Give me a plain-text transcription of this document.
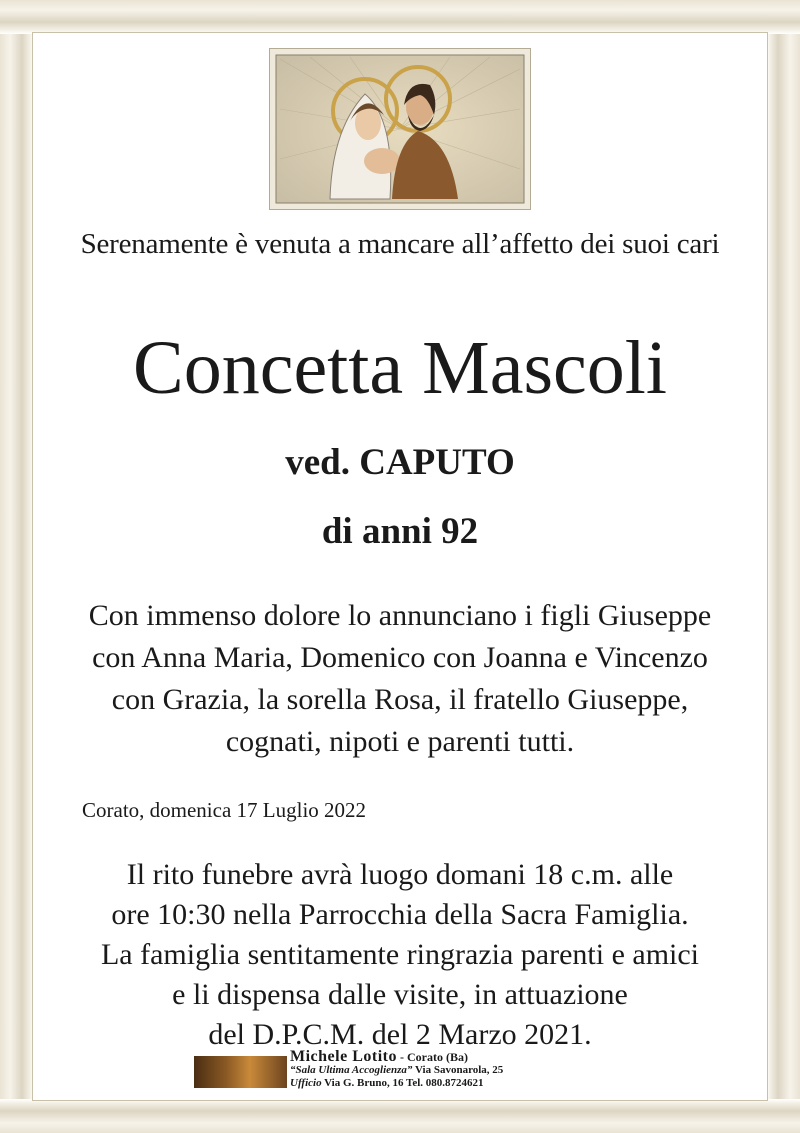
Serenamente è venuta a mancare all’affetto dei suoi cari
Concetta Mascoli
ved. CAPUTO
di anni 92

Con immenso dolore lo annunciano i figli Giuseppe

con Anna Maria, Domenico con Joanna e Vincenzo

con Grazia, la sorella Rosa, il fratello Giuseppe,

cognati, nipoti e parenti tutti.

Corato, domenica 17 Luglio 2022

Il rito funebre avrà luogo domani 18 c.m. alle

ore 10:30 nella Parrocchia della Sacra Famiglia.

La famiglia sentitamente ringrazia parenti e amici

e li dispensa dalle visite, in attuazione

del D.P.C.M. del 2 Marzo 2021.

Michele Lotito - Corato (Ba)
“Sala Ultima Accoglienza” Via Savonarola, 25
Ufficio Via G. Bruno, 16 Tel. 080.8724621
